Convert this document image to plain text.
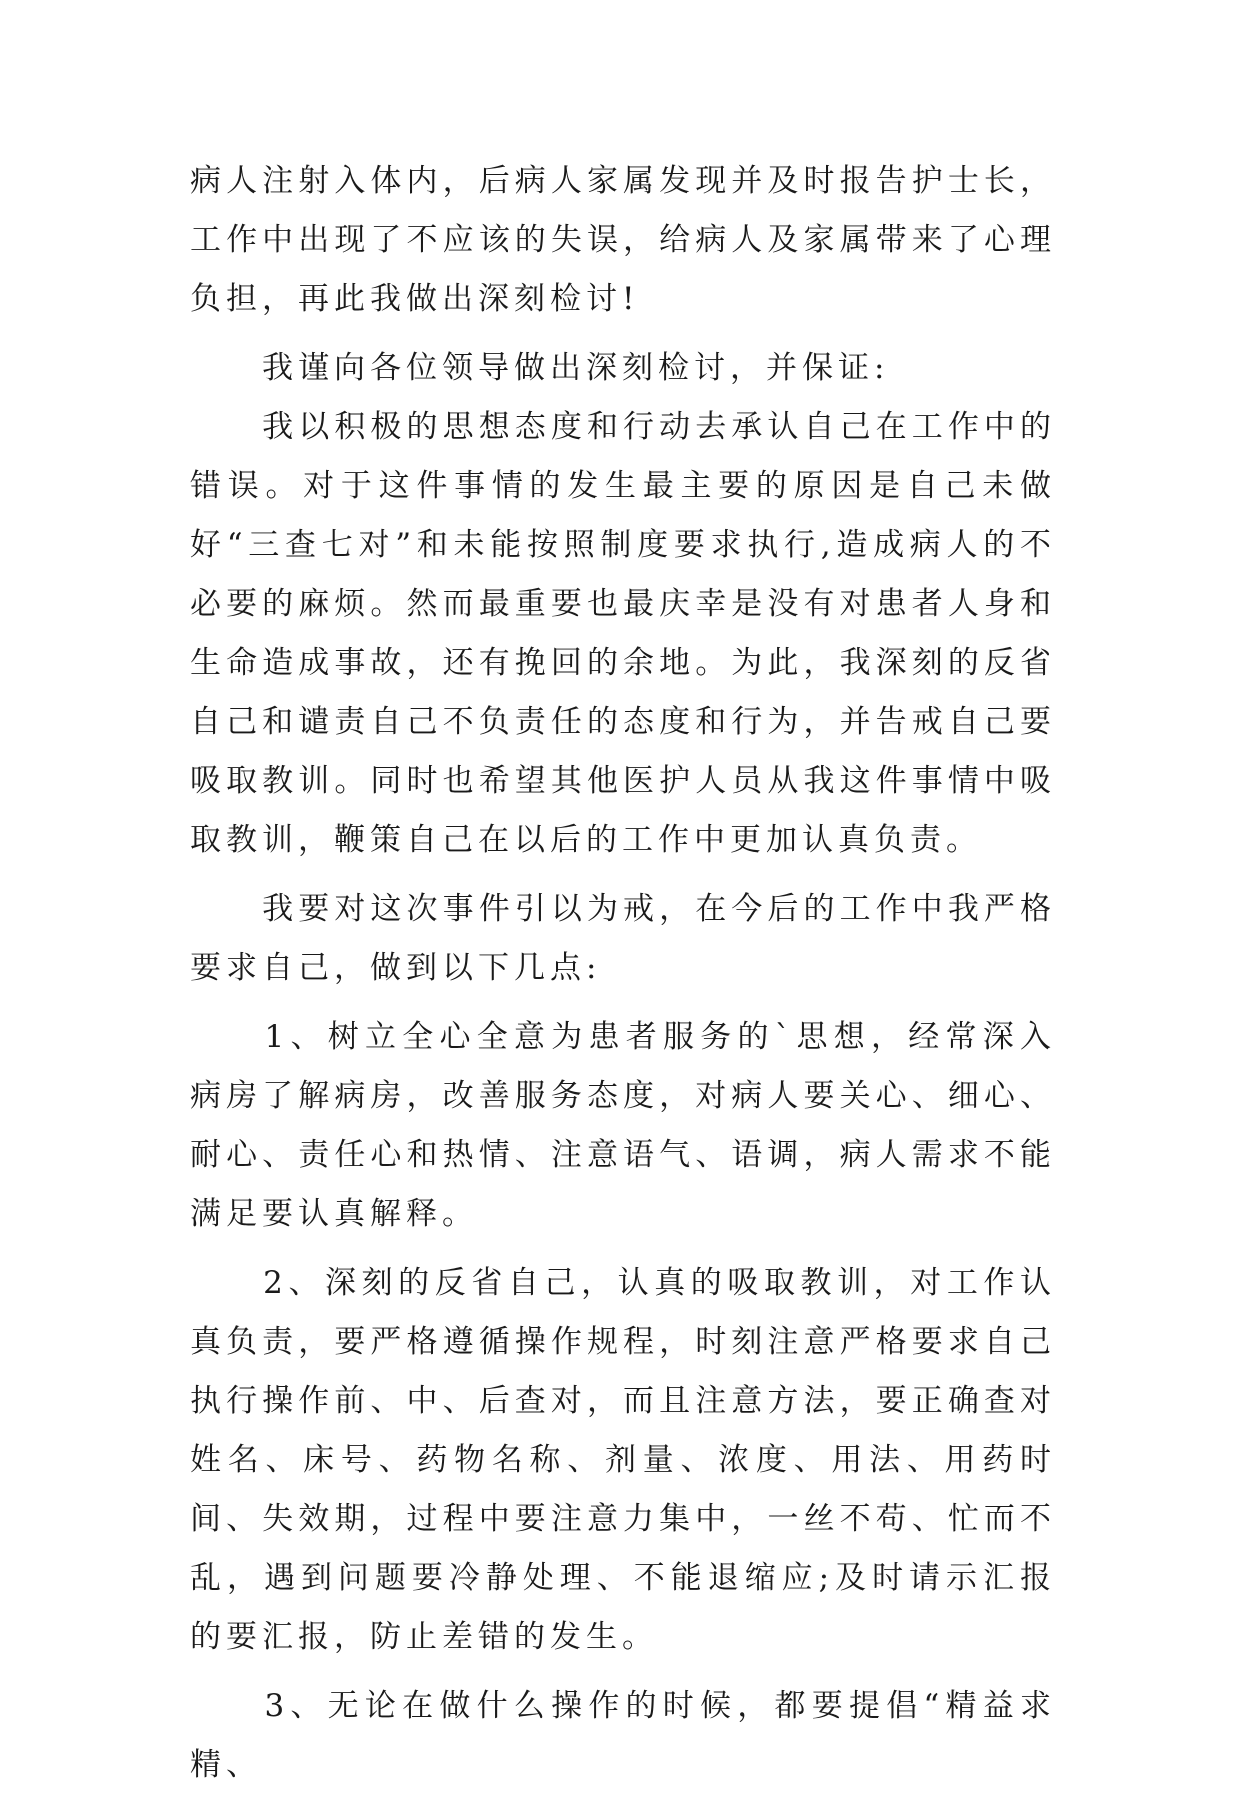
病人注射入体内，后病人家属发现并及时报告护士长，工作中出现了不应该的失误，给病人及家属带来了心理负担，再此我做出深刻检讨!

　　我谨向各位领导做出深刻检讨，并保证:

　　我以积极的思想态度和行动去承认自己在工作中的错误。对于这件事情的发生最主要的原因是自己未做好“三查七对”和未能按照制度要求执行,造成病人的不必要的麻烦。然而最重要也最庆幸是没有对患者人身和生命造成事故，还有挽回的余地。为此，我深刻的反省自己和谴责自己不负责任的态度和行为，并告戒自己要吸取教训。同时也希望其他医护人员从我这件事情中吸取教训，鞭策自己在以后的工作中更加认真负责。

　　我要对这次事件引以为戒，在今后的工作中我严格要求自己，做到以下几点:

　　1、树立全心全意为患者服务的`思想，经常深入病房了解病房，改善服务态度，对病人要关心、细心、耐心、责任心和热情、注意语气、语调，病人需求不能满足要认真解释。

　　2、深刻的反省自己，认真的吸取教训，对工作认真负责，要严格遵循操作规程，时刻注意严格要求自己执行操作前、中、后查对，而且注意方法，要正确查对姓名、床号、药物名称、剂量、浓度、用法、用药时间、失效期，过程中要注意力集中，一丝不苟、忙而不乱，遇到问题要冷静处理、不能退缩应;及时请示汇报的要汇报，防止差错的发生。

　　3、无论在做什么操作的时候，都要提倡“精益求精、
